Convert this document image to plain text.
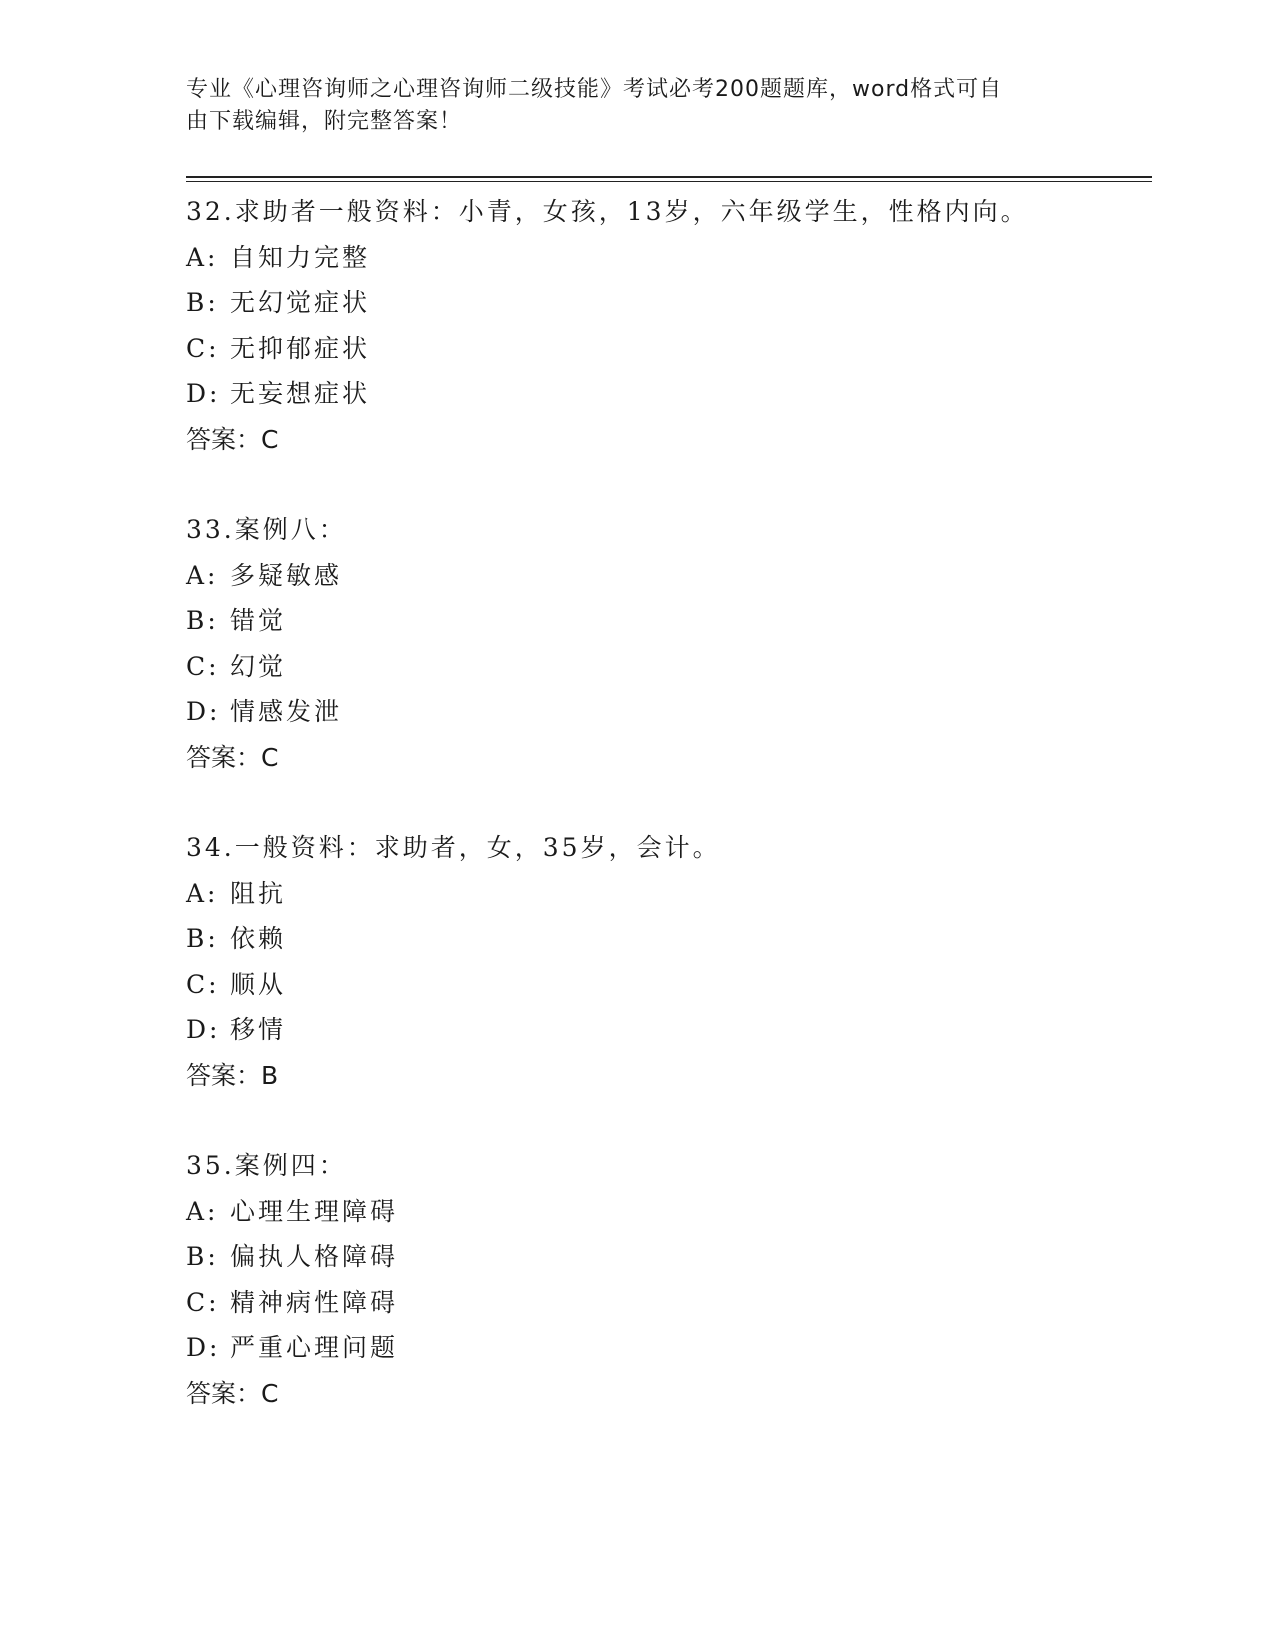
专业《心理咨询师之心理咨询师二级技能》考试必考200题题库，word格式可自
由下载编辑，附完整答案！
32.求助者一般资料：小青，女孩，13岁，六年级学生，性格内向。
A: 自知力完整
B: 无幻觉症状
C: 无抑郁症状
D: 无妄想症状
答案：C
33.案例八：
A: 多疑敏感
B: 错觉
C: 幻觉
D: 情感发泄
答案：C
34.一般资料：求助者，女，35岁，会计。
A: 阻抗
B: 依赖
C: 顺从
D: 移情
答案：B
35.案例四：
A: 心理生理障碍
B: 偏执人格障碍
C: 精神病性障碍
D: 严重心理问题
答案：C
